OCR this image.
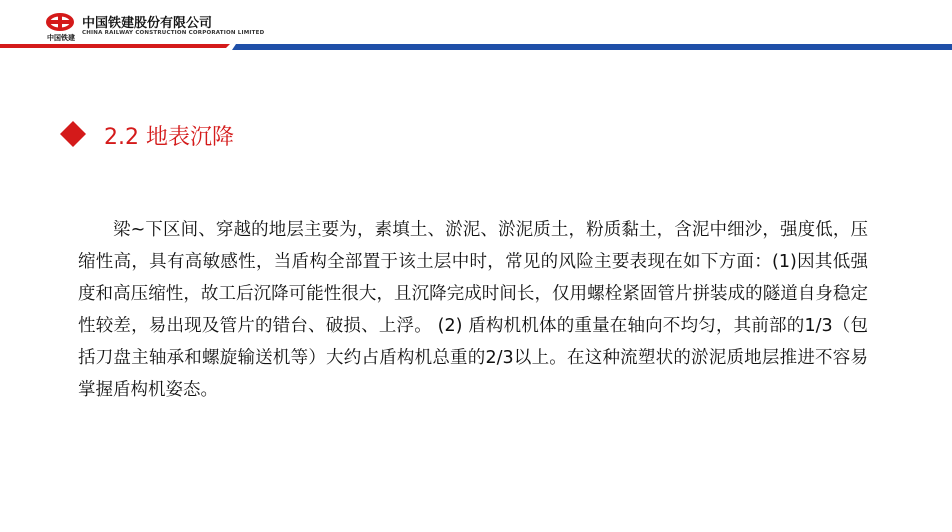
中国铁建
中国铁建股份有限公司
CHINA RAILWAY CONSTRUCTION CORPORATION LIMITED
2.2 地表沉降

梁~下区间、穿越的地层主要为，素填土、淤泥、淤泥质土，粉质黏土，含泥中细沙，强度低，压缩性高，具有高敏感性，当盾构全部置于该土层中时，常见的风险主要表现在如下方面：(1)因其低强度和高压缩性，故工后沉降可能性很大，且沉降完成时间长，仅用螺栓紧固管片拼装成的隧道自身稳定性较差，易出现及管片的错台、破损、上浮。 (2) 盾构机机体的重量在轴向不均匀，其前部的1/3（包括刀盘主轴承和螺旋输送机等）大约占盾构机总重的2/3以上。在这种流塑状的淤泥质地层推进不容易掌握盾构机姿态。
